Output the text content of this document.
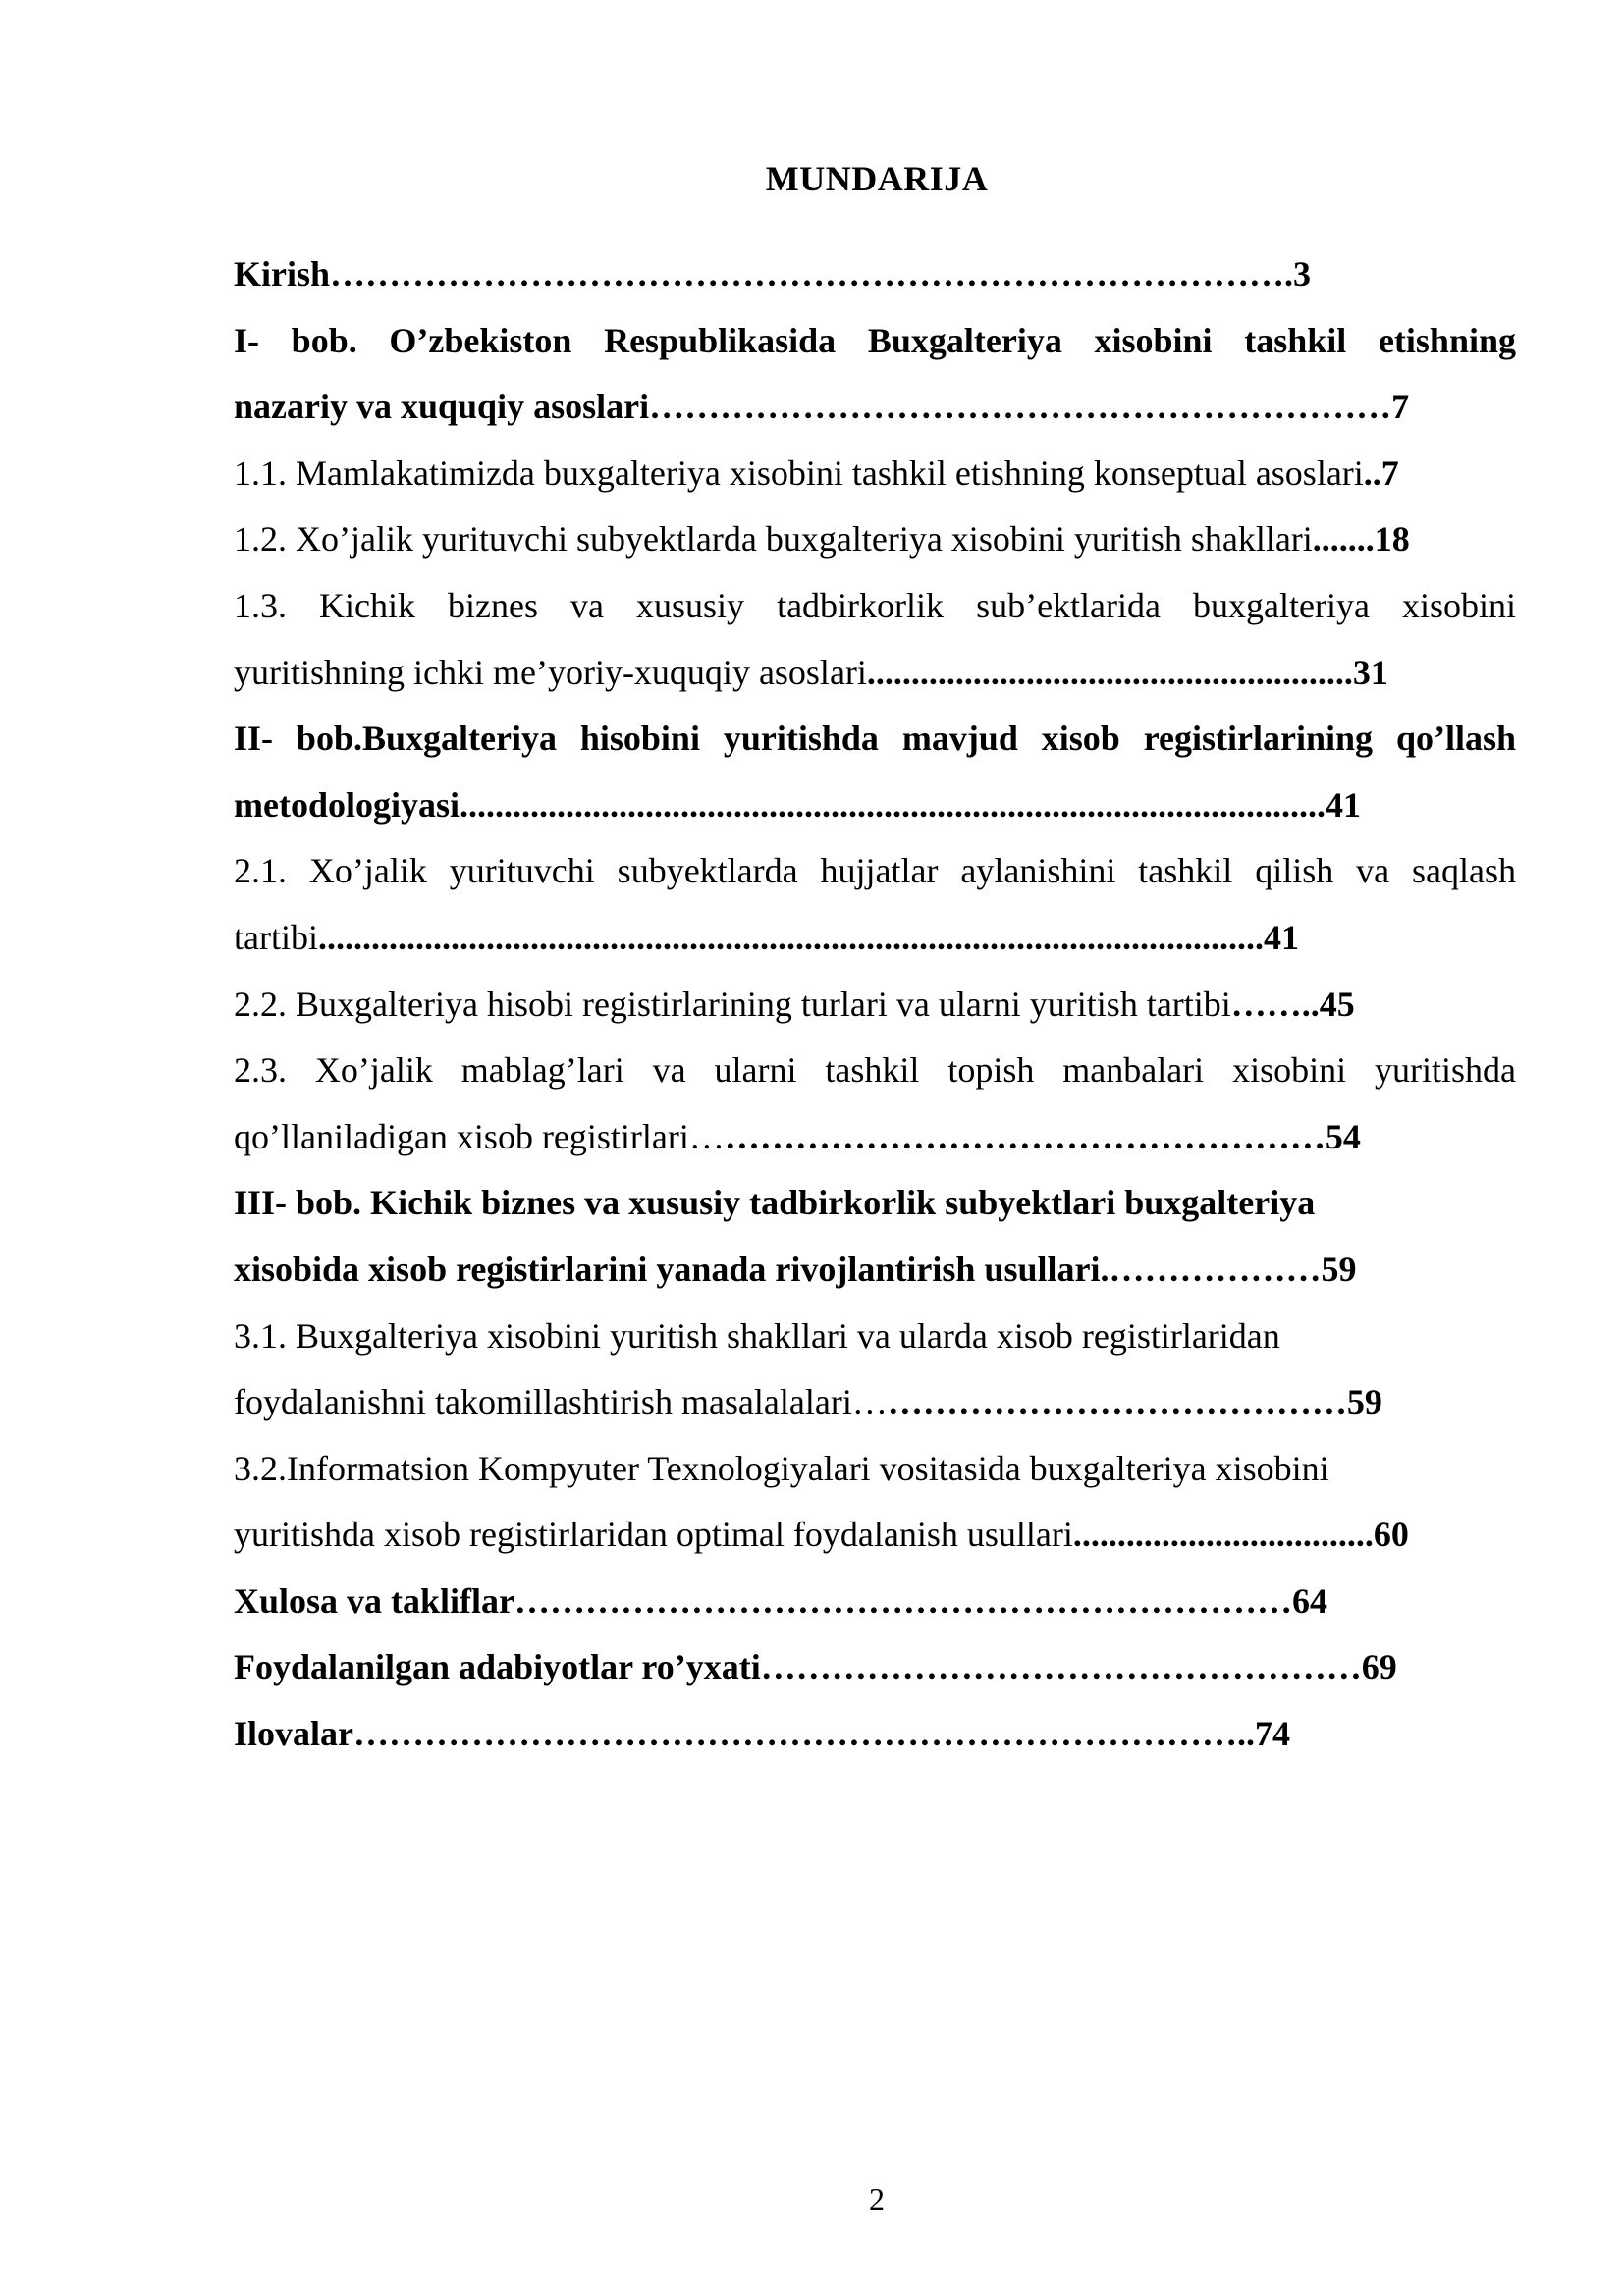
MUNDARIJA
Kirish……………………………………………………………………….3
I- bob. O’zbekiston Respublikasida Buxgalteriya xisobini tashkil etishning
nazariy va xuquqiy asoslari………………………………………………………7
1.1. Mamlakatimizda buxgalteriya xisobini tashkil etishning konseptual asoslari..7
1.2. Xo’jalik yurituvchi subyektlarda buxgalteriya xisobini yuritish shakllari.......18
1.3. Kichik biznes va xususiy tadbirkorlik sub’ektlarida buxgalteriya xisobini
yuritishning ichki me’yoriy-xuquqiy asoslari.......................................................31
II- bob.Buxgalteriya hisobini yuritishda mavjud xisob registirlarining qo’llash
metodologiyasi..................................................................................................41
2.1. Xo’jalik yurituvchi subyektlarda hujjatlar aylanishini tashkil qilish va saqlash
tartibi...........................................................................................................41
2.2. Buxgalteriya hisobi registirlarining turlari va ularni yuritish tartibi……..45
2.3. Xo’jalik mablag’lari va ularni tashkil topish manbalari xisobini yuritishda
qo’llaniladigan xisob registirlari………………………………………………54
III- bob. Kichik biznes va xususiy tadbirkorlik subyektlari buxgalteriya
xisobida xisob registirlarini yanada rivojlantirish usullari.………………59
3.1. Buxgalteriya xisobini yuritish shakllari va ularda xisob registirlaridan
foydalanishni takomillashtirish masalalalari……………………………………59
3.2.Informatsion Kompyuter Texnologiyalari vositasida buxgalteriya xisobini
yuritishda xisob registirlaridan optimal foydalanish usullari..................................60
Xulosa va takliflar…………………………………………………………64
Foydalanilgan adabiyotlar ro’yxati……………………………………………69
Ilovalar…………………………………………………………………..74
2
